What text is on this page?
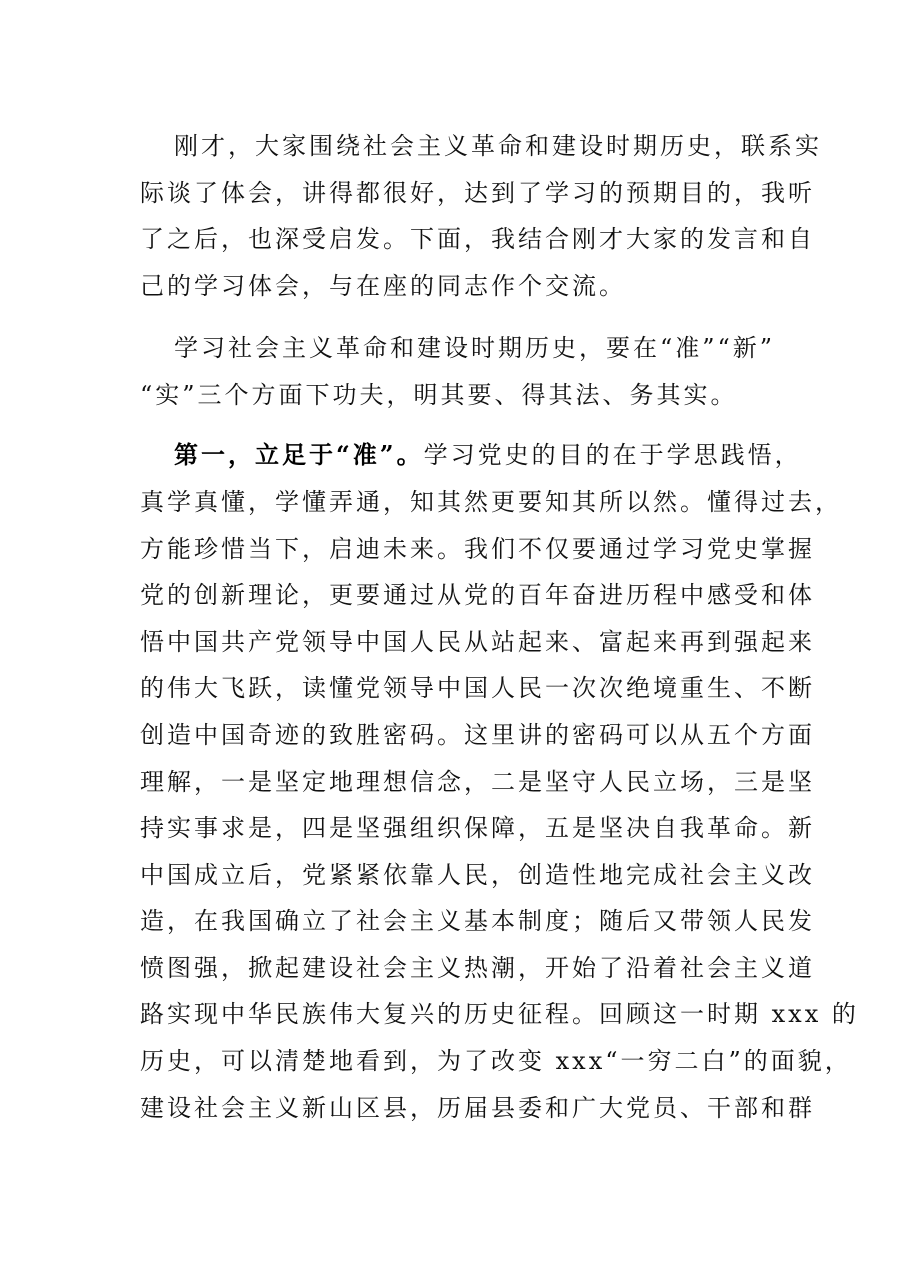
刚才，大家围绕社会主义革命和建设时期历史，联系实
际谈了体会，讲得都很好，达到了学习的预期目的，我听
了之后，也深受启发。下面，我结合刚才大家的发言和自
己的学习体会，与在座的同志作个交流。
学习社会主义革命和建设时期历史，要在“准”“新”
“实”三个方面下功夫，明其要、得其法、务其实。
第一，立足于“准”。学习党史的目的在于学思践悟，
真学真懂，学懂弄通，知其然更要知其所以然。懂得过去，
方能珍惜当下，启迪未来。我们不仅要通过学习党史掌握
党的创新理论，更要通过从党的百年奋进历程中感受和体
悟中国共产党领导中国人民从站起来、富起来再到强起来
的伟大飞跃，读懂党领导中国人民一次次绝境重生、不断
创造中国奇迹的致胜密码。这里讲的密码可以从五个方面
理解，一是坚定地理想信念，二是坚守人民立场，三是坚
持实事求是，四是坚强组织保障，五是坚决自我革命。新
中国成立后，党紧紧依靠人民，创造性地完成社会主义改
造，在我国确立了社会主义基本制度；随后又带领人民发
愤图强，掀起建设社会主义热潮，开始了沿着社会主义道
路实现中华民族伟大复兴的历史征程。回顾这一时期 xxx 的
历史，可以清楚地看到，为了改变 xxx“一穷二白”的面貌，
建设社会主义新山区县，历届县委和广大党员、干部和群
